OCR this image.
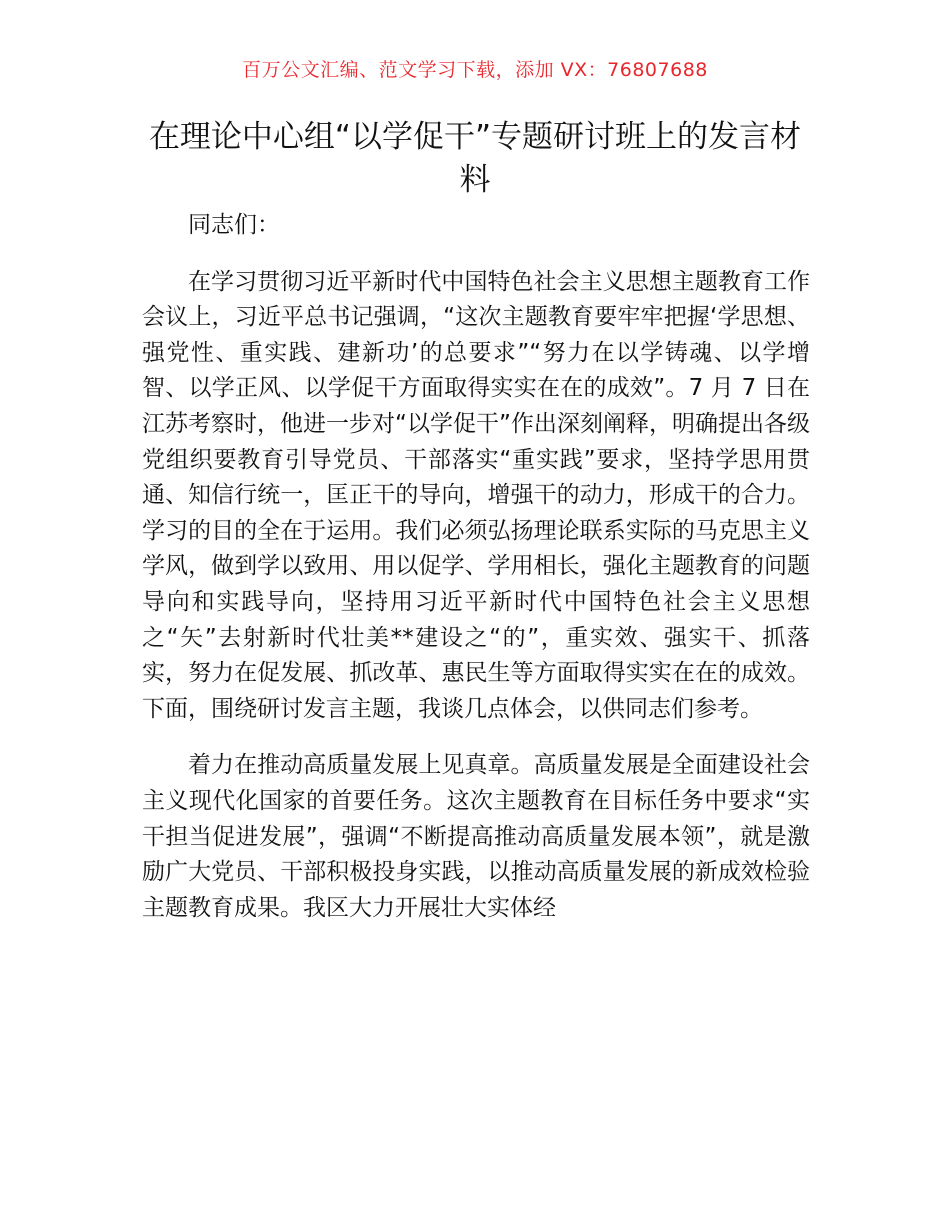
百万公文汇编、范文学习下载，添加 VX：76807688
在理论中心组“以学促干”专题研讨班上的发言材料

同志们：

在学习贯彻习近平新时代中国特色社会主义思想主题教育工作会议上，习近平总书记强调，“这次主题教育要牢牢把握‘学思想、强党性、重实践、建新功’的总要求”“努力在以学铸魂、以学增智、以学正风、以学促干方面取得实实在在的成效”。7 月 7 日在江苏考察时，他进一步对“以学促干”作出深刻阐释，明确提出各级党组织要教育引导党员、干部落实“重实践”要求，坚持学思用贯通、知信行统一，匡正干的导向，增强干的动力，形成干的合力。学习的目的全在于运用。我们必须弘扬理论联系实际的马克思主义学风，做到学以致用、用以促学、学用相长，强化主题教育的问题导向和实践导向，坚持用习近平新时代中国特色社会主义思想之“矢”去射新时代壮美**建设之“的”，重实效、强实干、抓落实，努力在促发展、抓改革、惠民生等方面取得实实在在的成效。下面，围绕研讨发言主题，我谈几点体会，以供同志们参考。

着力在推动高质量发展上见真章。高质量发展是全面建设社会主义现代化国家的首要任务。这次主题教育在目标任务中要求“实干担当促进发展”，强调“不断提高推动高质量发展本领”，就是激励广大党员、干部积极投身实践，以推动高质量发展的新成效检验主题教育成果。我区大力开展壮大实体经
